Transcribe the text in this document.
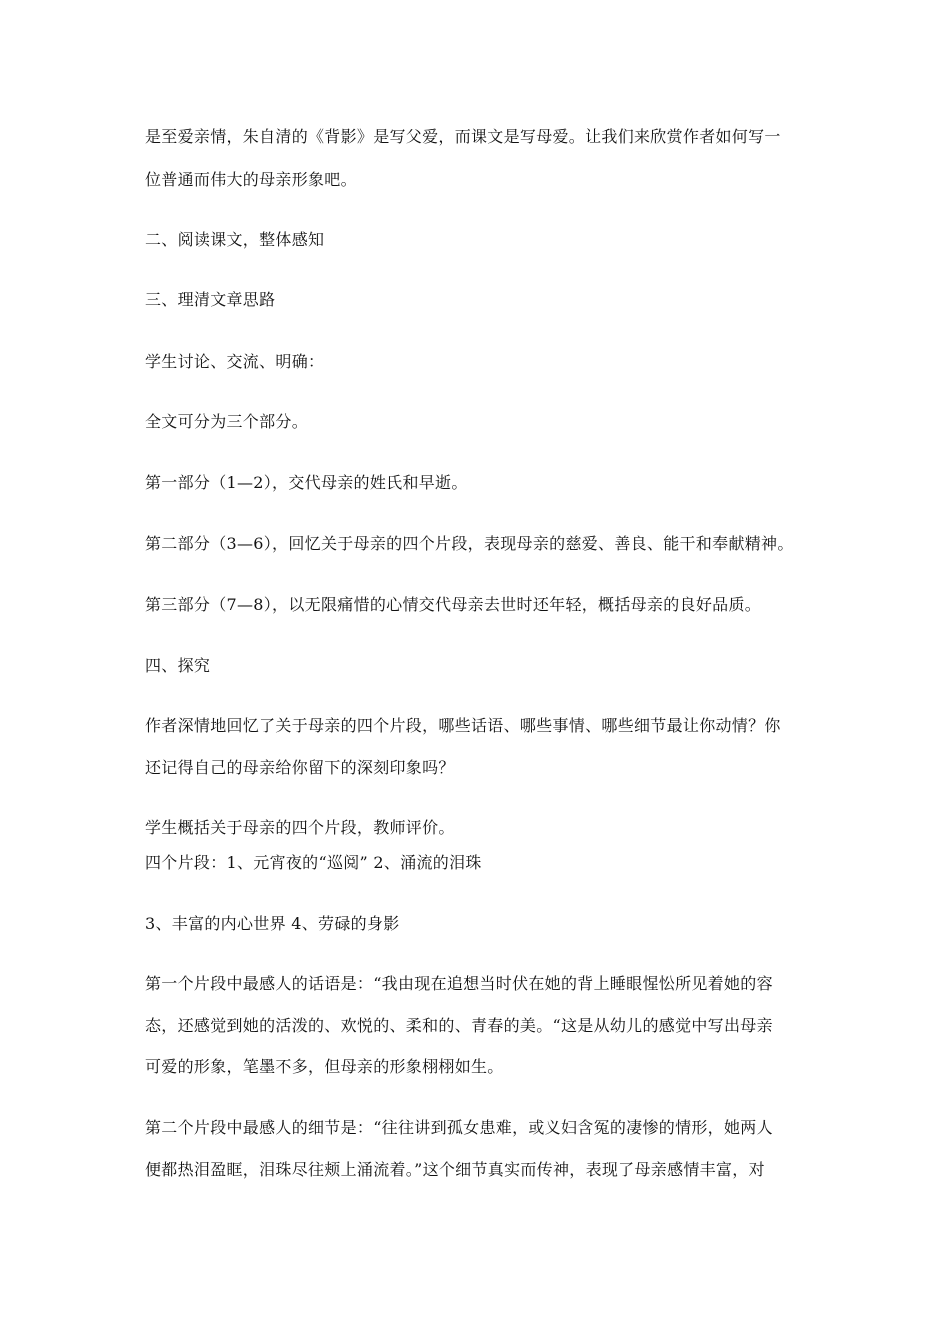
是至爱亲情，朱自清的《背影》是写父爱，而课文是写母爱。让我们来欣赏作者如何写一
位普通而伟大的母亲形象吧。
二、阅读课文，整体感知
三、理清文章思路
学生讨论、交流、明确：
全文可分为三个部分。
第一部分（1—2），交代母亲的姓氏和早逝。
第二部分（3—6），回忆关于母亲的四个片段，表现母亲的慈爱、善良、能干和奉献精神。
第三部分（7—8），以无限痛惜的心情交代母亲去世时还年轻，概括母亲的良好品质。
四、探究
作者深情地回忆了关于母亲的四个片段，哪些话语、哪些事情、哪些细节最让你动情？你
还记得自己的母亲给你留下的深刻印象吗？
学生概括关于母亲的四个片段，教师评价。
四个片段：1、元宵夜的“巡阅” 2、涌流的泪珠
3、丰富的内心世界 4、劳碌的身影
第一个片段中最感人的话语是：“我由现在追想当时伏在她的背上睡眼惺忪所见着她的容
态，还感觉到她的活泼的、欢悦的、柔和的、青春的美。“这是从幼儿的感觉中写出母亲
可爱的形象，笔墨不多，但母亲的形象栩栩如生。
第二个片段中最感人的细节是：“往往讲到孤女患难，或义妇含冤的凄惨的情形，她两人
便都热泪盈眶，泪珠尽往颊上涌流着。”这个细节真实而传神，表现了母亲感情丰富，对
